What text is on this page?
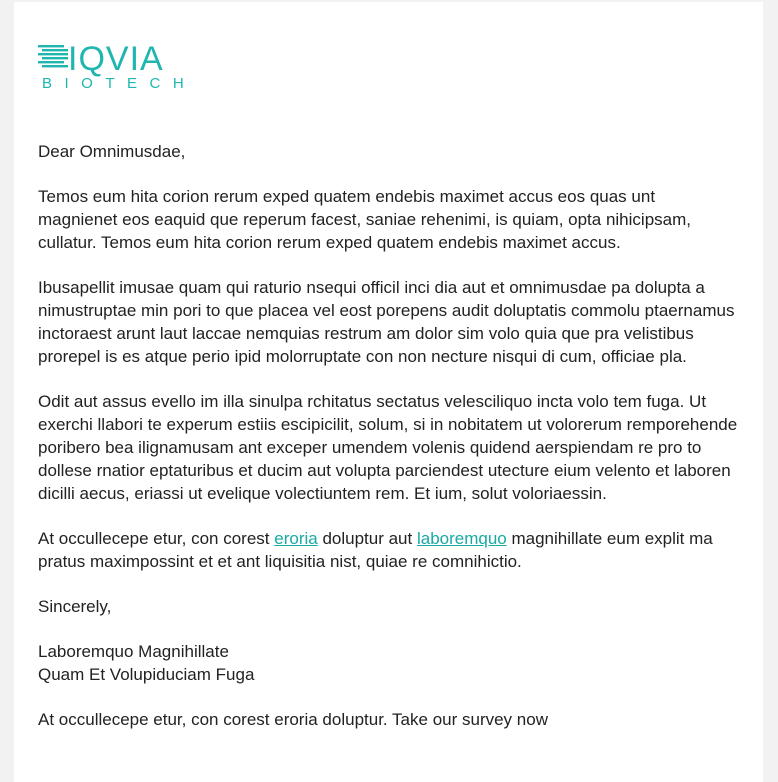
IQVIA
BIOTECH

Dear Omnimusdae,

Temos eum hita corion rerum exped quatem endebis maximet accus eos quas unt magnienet eos eaquid que reperum facest, saniae rehenimi, is quiam, opta nihicipsam, cullatur. Temos eum hita corion rerum exped quatem endebis maximet accus.

Ibusapellit imusae quam qui raturio nsequi officil inci dia aut et omnimusdae pa dolupta a nimustruptae min pori to que placea vel eost porepens audit doluptatis commolu ptaernamus inctoraest arunt laut laccae nemquias restrum am dolor sim volo quia que pra velistibus prorepel is es atque perio ipid molorruptate con non necture nisqui di cum, officiae pla.

Odit aut assus evello im illa sinulpa rchitatus sectatus velesciliquo incta volo tem fuga. Ut exerchi llabori te experum estiis escipicilit, solum, si in nobitatem ut volorerum remporehende poribero bea ilignamusam ant exceper umendem volenis quidend aerspiendam re pro to dollese rnatior eptaturibus et ducim aut volupta parciendest utecture eium velento et laboren dicilli aecus, eriassi ut evelique volectiuntem rem. Et ium, solut voloriaessin.

At occullecepe etur, con corest eroria doluptur aut laboremquo magnihillate eum explit ma pratus maximpossint et et ant liquisitia nist, quiae re comnihictio.

Sincerely,

Laboremquo Magnihillate
Quam Et Volupiduciam Fuga

At occullecepe etur, con corest eroria doluptur. Take our survey now
